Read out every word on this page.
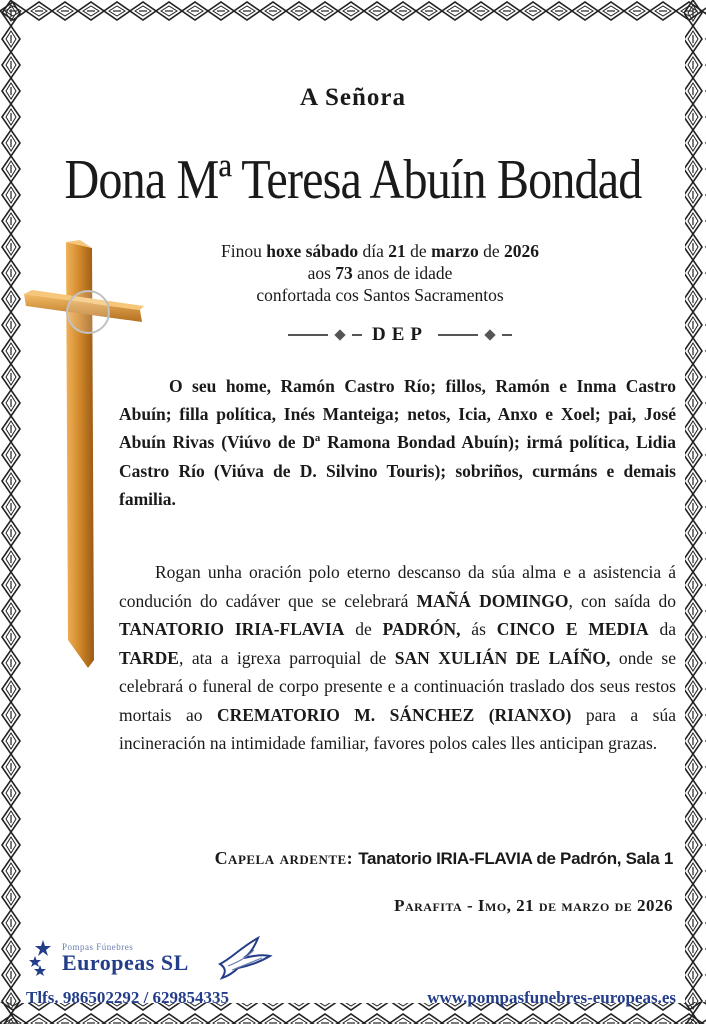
A Señora
Dona Mª Teresa Abuín Bondad
Finou hoxe sábado día 21 de marzo de 2026
aos 73 anos de idade
confortada cos Santos Sacramentos
DEP
O seu home, Ramón Castro Río; fillos, Ramón e Inma Castro Abuín; filla política, Inés Manteiga; netos, Icia, Anxo e Xoel; pai, José Abuín Rivas (Viúvo de Dª Ramona Bondad Abuín); irmá política, Lidia Castro Río (Viúva de D. Silvino Touris); sobriños, curmáns e demais familia.
Rogan unha oración polo eterno descanso da súa alma e a asistencia á condución do cadáver que se celebrará MAÑÁ DOMINGO, con saída do TANATORIO IRIA-FLAVIA de PADRÓN, ás CINCO E MEDIA da TARDE, ata a igrexa parroquial de SAN XULIÁN DE LAÍÑO, onde se celebrará o funeral de corpo presente e a continuación traslado dos seus restos mortais ao CREMATORIO M. SÁNCHEZ (RIANXO) para a súa incineración na intimidade familiar, favores polos cales lles anticipan grazas.
Capela ardente: Tanatorio IRIA-FLAVIA de Padrón, Sala 1
Parafita - Imo, 21 de marzo de 2026
Pompas Fúnebres
Europeas SL
Tlfs. 986502292 / 629854335	www.pompasfunebres-europeas.es
